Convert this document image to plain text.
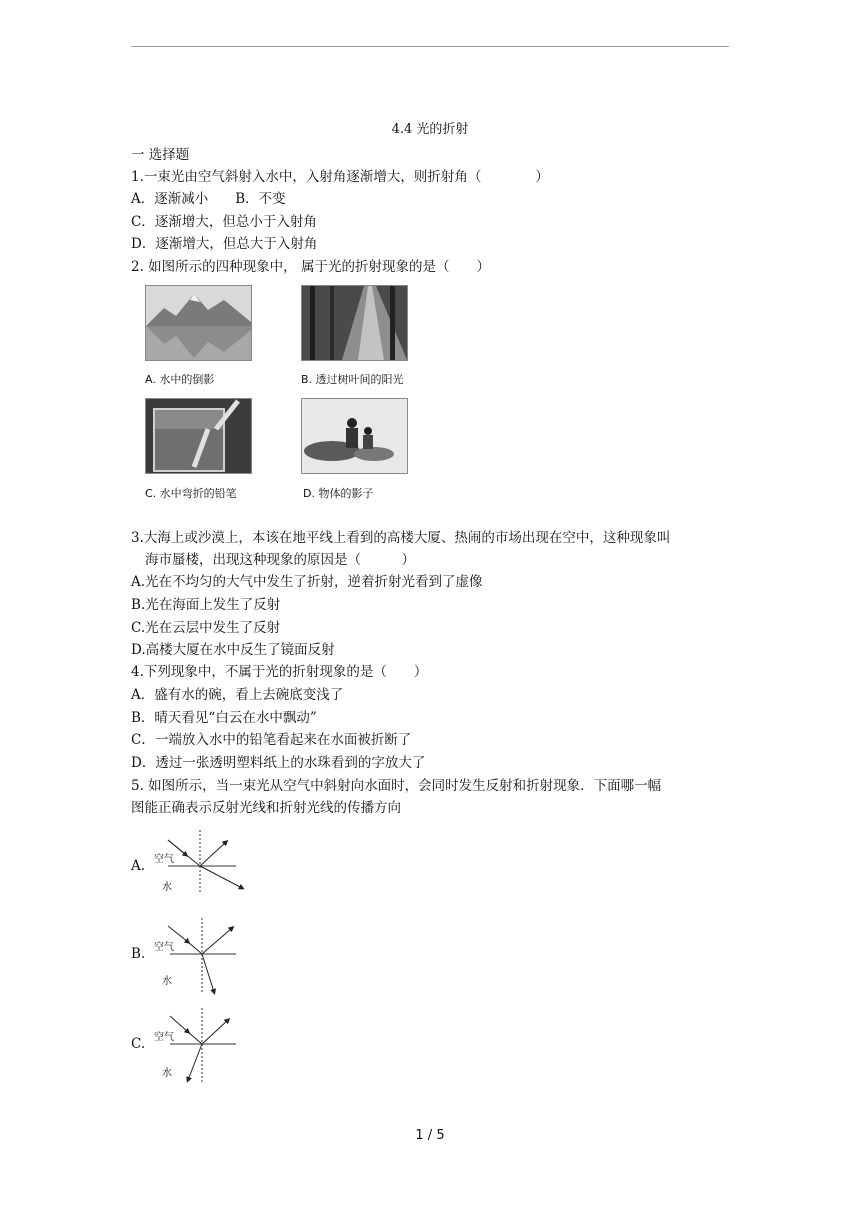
4.4 光的折射
一 选择题
1.一束光由空气斜射入水中，入射角逐渐增大，则折射角（　　　　）
A．逐渐减小　　B．不变
C．逐渐增大，但总小于入射角
D．逐渐增大，但总大于入射角
2. 如图所示的四种现象中， 属于光的折射现象的是（　　）
A. 水中的倒影	B. 透过树叶间的阳光
C. 水中弯折的铅笔	D. 物体的影子
3.大海上或沙漠上，本该在地平线上看到的高楼大厦、热闹的市场出现在空中，这种现象叫
海市蜃楼，出现这种现象的原因是（　　　）
A.光在不均匀的大气中发生了折射，逆着折射光看到了虚像
B.光在海面上发生了反射
C.光在云层中发生了反射
D.高楼大厦在水中反生了镜面反射
4.下列现象中，不属于光的折射现象的是（　　）
A．盛有水的碗，看上去碗底变浅了
B．晴天看见“白云在水中飘动”
C．一端放入水中的铅笔看起来在水面被折断了
D．透过一张透明塑料纸上的水珠看到的字放大了
5. 如图所示，当一束光从空气中斜射向水面时，会同时发生反射和折射现象．下面哪一幅
图能正确表示反射光线和折射光线的传播方向
A. 空气
水
B. 空气
水
C. 空气
水
1 / 5
